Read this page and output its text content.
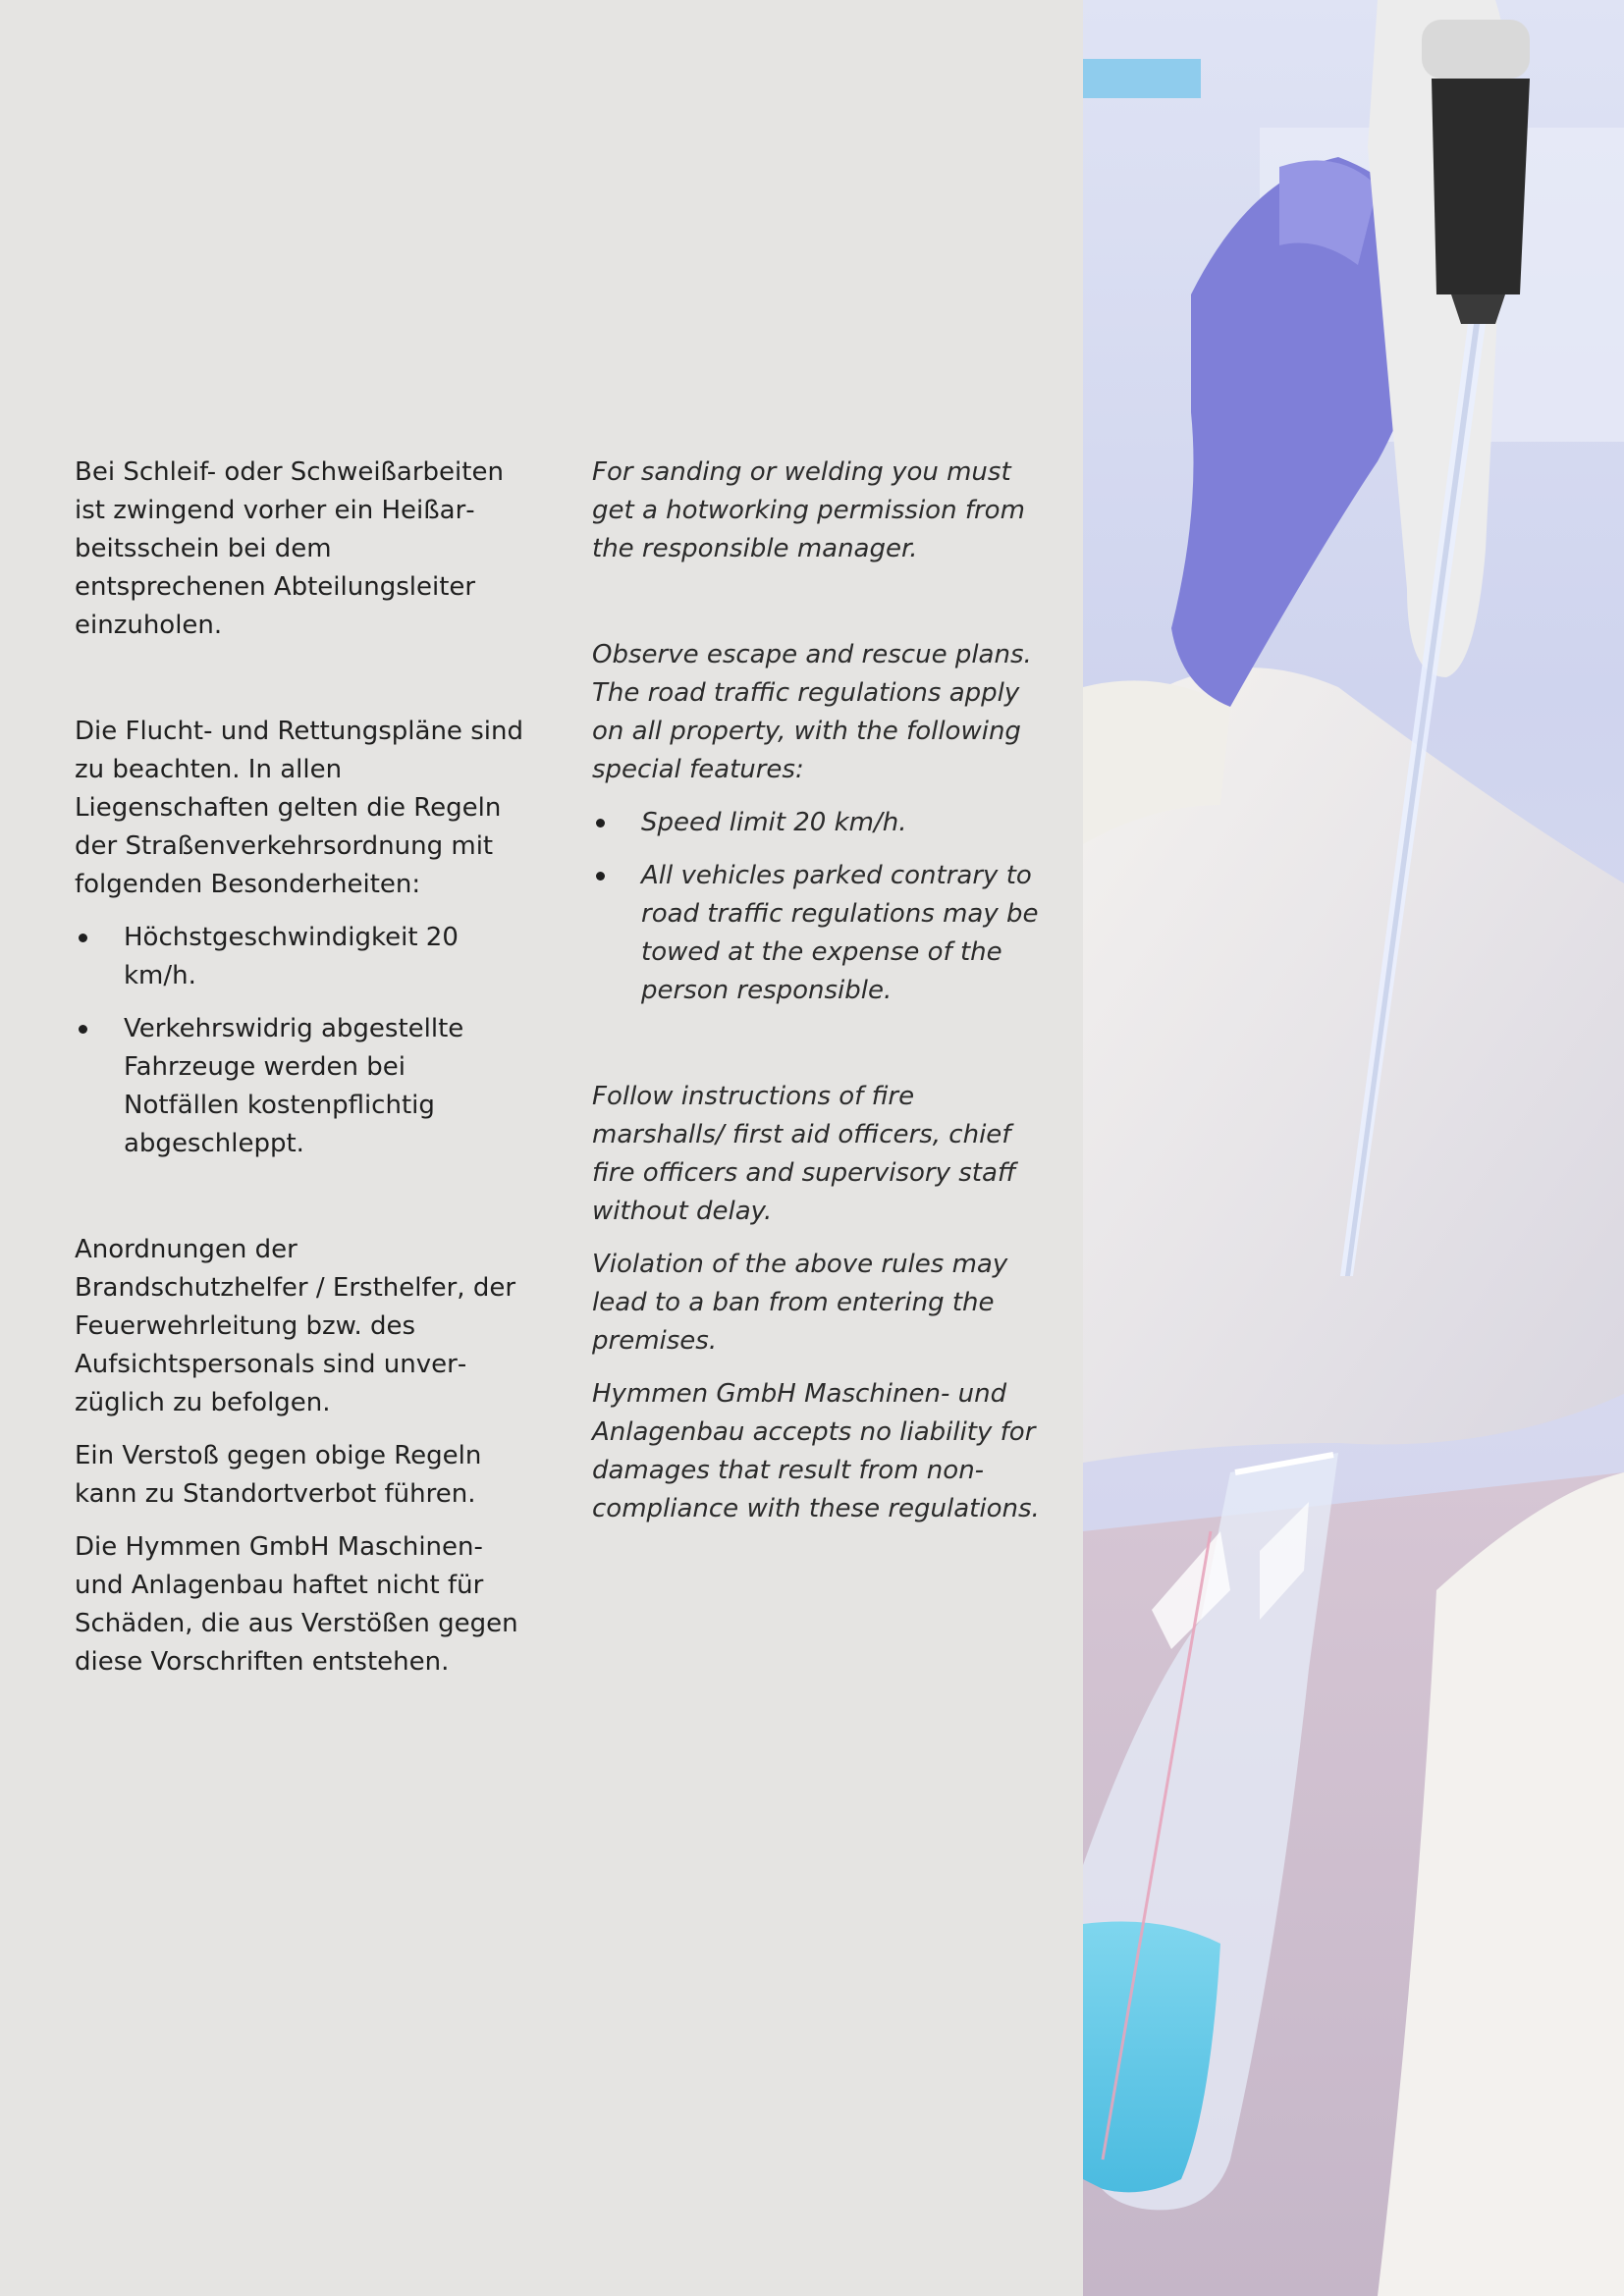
Bei Schleif- oder Schweißarbeiten ist zwingend vorher ein Heißarbeitsschein bei dem entsprechenen Abteilungsleiter einzuholen.

Die Flucht- und Rettungspläne sind zu beachten. In allen Liegenschaften gelten die Regeln der Straßenverkehrsordnung mit folgenden Besonderheiten:

Höchstgeschwindigkeit 20 km/h.
Verkehrswidrig abgestellte Fahrzeuge werden bei Notfällen kostenpflichtig abgeschleppt.

Anordnungen der Brandschutzhelfer / Ersthelfer, der Feuerwehrleitung bzw. des Aufsichtspersonals sind unverzüglich zu befolgen.

Ein Verstoß gegen obige Regeln kann zu Standortverbot führen.

Die Hymmen GmbH Maschinen- und Anlagenbau haftet nicht für Schäden, die aus Verstößen gegen diese Vorschriften entstehen.

For sanding or welding you must get a hotworking permission from the responsible manager.

Observe escape and rescue plans. The road traffic regulations apply on all property, with the following special features:

Speed limit 20 km/h.
All vehicles parked contrary to road traffic regulations may be towed at the expense of the person responsible.

Follow instructions of fire marshalls/ first aid officers, chief fire officers and supervisory staff without delay.

Violation of the above rules may lead to a ban from entering the premises.

Hymmen GmbH Maschinen- und Anlagenbau accepts no liability for damages that result from non-compliance with these regulations.
